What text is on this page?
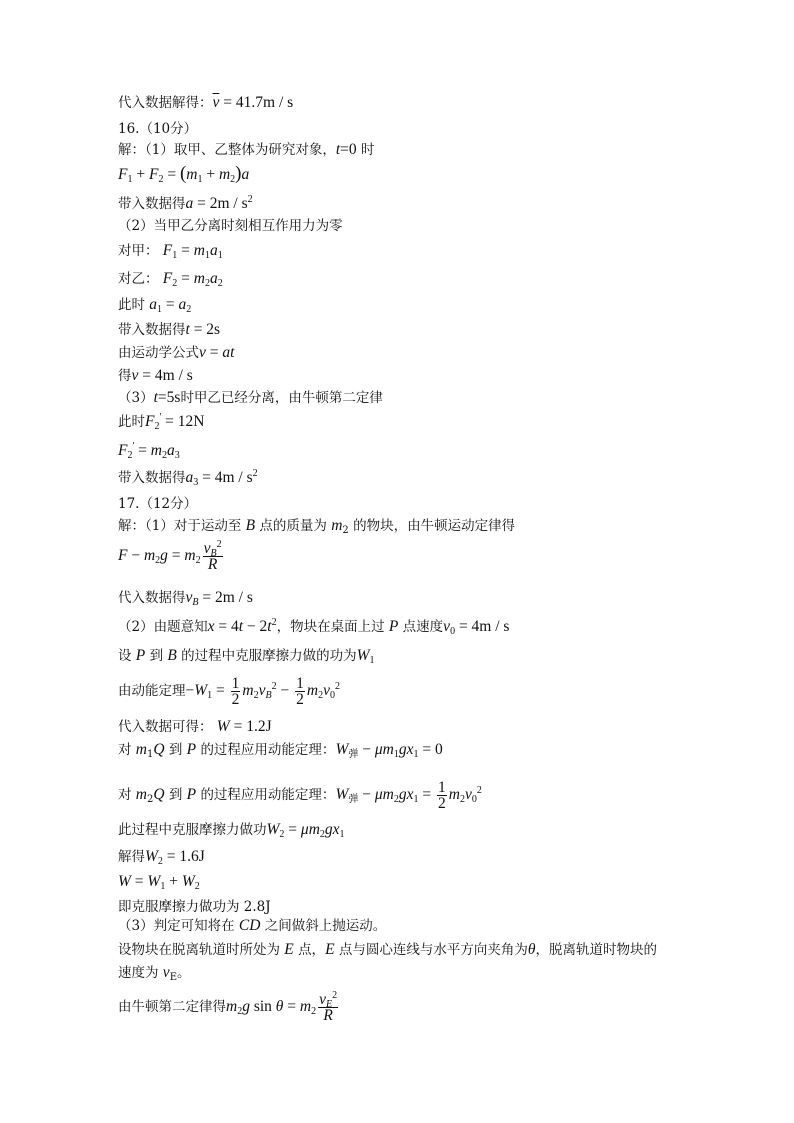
代入数据解得：$\overline{v} = 41.7m / s$
16.（10分）
解：（1）取甲、乙整体为研究对象，t=0 时
$F_1 + F_2 = (m_1 + m_2)a$
带入数据得$a = 2m / s^2$
（2）当甲乙分离时刻相互作用力为零
对甲： $F_1 = m_1a_1$
对乙： $F_2 = m_2a_2$
此时 $a_1 = a_2$
带入数据得t = 2s
由运动学公式v = at
得v = 4m / s
（3）t=5s时甲乙已经分离，由牛顿第二定律
此时$F_2' = 12N$
$F_2' = m_2a_3$
带入数据得$a_3 = 4m / s^2$
17.（12分）
解：（1）对于运动至 B 点的质量为 $m_2$ 的物块，由牛顿运动定律得
$F - m_2g = m_2 \frac{v_B^2}{R}$
代入数据得$v_B = 2m / s$
（2）由题意知$x = 4t - 2t^2$，物块在桌面上过 P 点速度$v_0 = 4m / s$
设 P 到 B 的过程中克服摩擦力做的功为$W_1$
由动能定理$-W_1 = \frac{1}{2} m_2v_B^2 - \frac{1}{2} m_2v_0^2$
代入数据可得： W = 1.2J
对 $m_1Q$ 到 P 的过程应用动能定理：$W_弹 - \mu m_1gx_1 = 0$
对 $m_2Q$ 到 P 的过程应用动能定理：$W_弹 - \mu m_2gx_1 = \frac{1}{2} m_2v_0^2$
此过程中克服摩擦力做功$W_2 = \mu m_2gx_1$
解得$W_2 = 1.6J$
$W = W_1 + W_2$
即克服摩擦力做功为 2.8J
（3）判定可知将在 CD 之间做斜上抛运动。
设物块在脱离轨道时所处为 E 点，E 点与圆心连线与水平方向夹角为θ，脱离轨道时物块的
速度为 $v_E$。
由牛顿第二定律得$m_2g$ $\sin \theta = m_2 \frac{v_E^2}{R}$
